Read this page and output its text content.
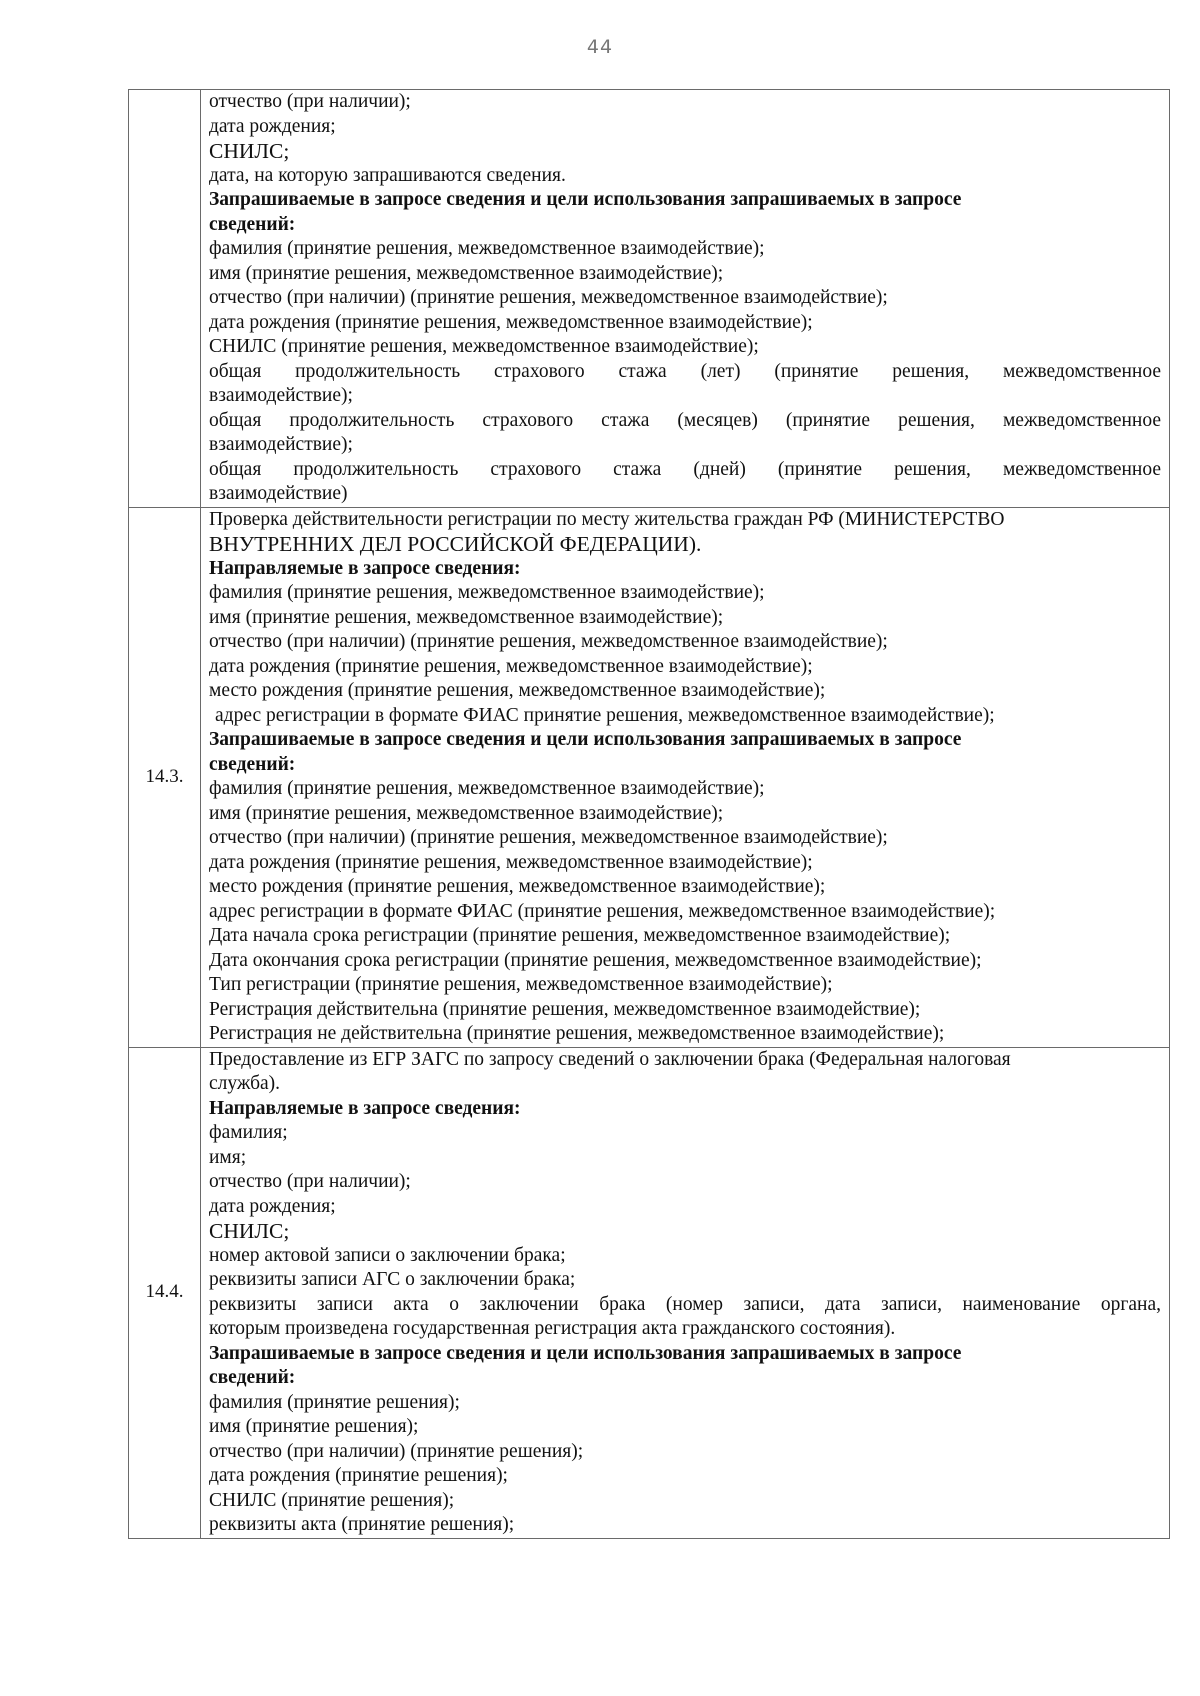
44
отчество (при наличии);
дата рождения;
СНИЛС;
дата, на которую запрашиваются сведения.
Запрашиваемые в запросе сведения и цели использования запрашиваемых в запросе
сведений:
фамилия (принятие решения, межведомственное взаимодействие);
имя (принятие решения, межведомственное взаимодействие);
отчество (при наличии) (принятие решения, межведомственное взаимодействие);
дата рождения (принятие решения, межведомственное взаимодействие);
СНИЛС (принятие решения, межведомственное взаимодействие);
общая продолжительность страхового стажа (лет) (принятие решения, межведомственное
взаимодействие);
общая продолжительность страхового стажа (месяцев) (принятие решения, межведомственное
взаимодействие);
общая продолжительность страхового стажа (дней) (принятие решения, межведомственное
взаимодействие)
14.3.
Проверка действительности регистрации по месту жительства граждан РФ (МИНИСТЕРСТВО
ВНУТРЕННИХ ДЕЛ РОССИЙСКОЙ ФЕДЕРАЦИИ).
Направляемые в запросе сведения:
фамилия (принятие решения, межведомственное взаимодействие);
имя (принятие решения, межведомственное взаимодействие);
отчество (при наличии) (принятие решения, межведомственное взаимодействие);
дата рождения (принятие решения, межведомственное взаимодействие);
место рождения (принятие решения, межведомственное взаимодействие);
адрес регистрации в формате ФИАС принятие решения, межведомственное взаимодействие);
Запрашиваемые в запросе сведения и цели использования запрашиваемых в запросе
сведений:
фамилия (принятие решения, межведомственное взаимодействие);
имя (принятие решения, межведомственное взаимодействие);
отчество (при наличии) (принятие решения, межведомственное взаимодействие);
дата рождения (принятие решения, межведомственное взаимодействие);
место рождения (принятие решения, межведомственное взаимодействие);
адрес регистрации в формате ФИАС (принятие решения, межведомственное взаимодействие);
Дата начала срока регистрации (принятие решения, межведомственное взаимодействие);
Дата окончания срока регистрации (принятие решения, межведомственное взаимодействие);
Тип регистрации (принятие решения, межведомственное взаимодействие);
Регистрация действительна (принятие решения, межведомственное взаимодействие);
Регистрация не действительна (принятие решения, межведомственное взаимодействие);
14.4.
Предоставление из ЕГР ЗАГС по запросу сведений о заключении брака (Федеральная налоговая
служба).
Направляемые в запросе сведения:
фамилия;
имя;
отчество (при наличии);
дата рождения;
СНИЛС;
номер актовой записи о заключении брака;
реквизиты записи АГС о заключении брака;
реквизиты записи акта о заключении брака (номер записи, дата записи, наименование органа,
которым произведена государственная регистрация акта гражданского состояния).
Запрашиваемые в запросе сведения и цели использования запрашиваемых в запросе
сведений:
фамилия (принятие решения);
имя (принятие решения);
отчество (при наличии) (принятие решения);
дата рождения (принятие решения);
СНИЛС (принятие решения);
реквизиты акта (принятие решения);
